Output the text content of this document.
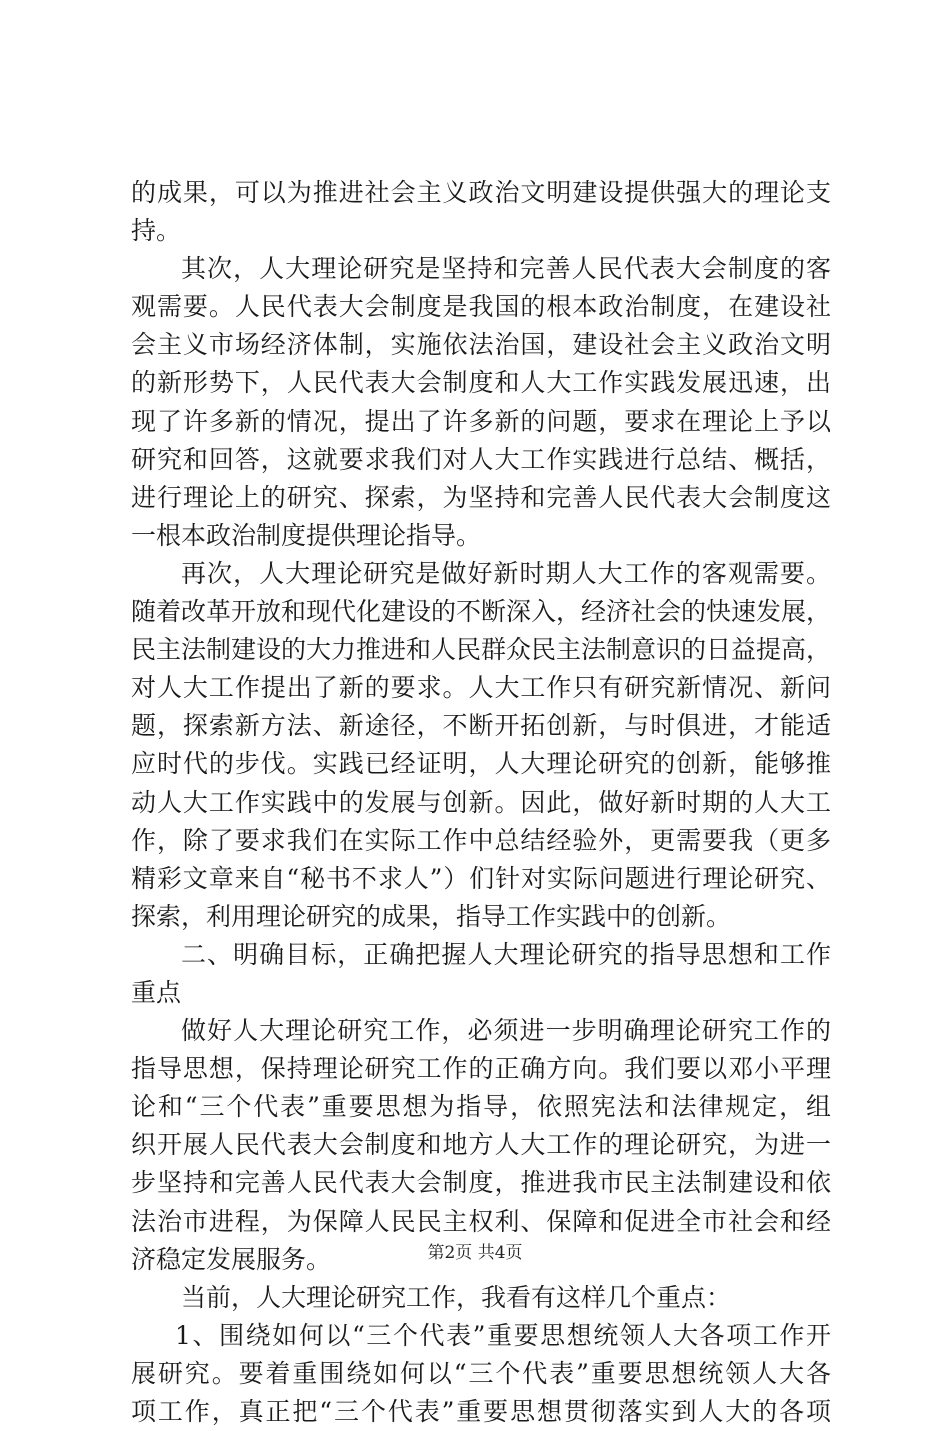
的成果，可以为推进社会主义政治文明建设提供强大的理论支
持。
其次，人大理论研究是坚持和完善人民代表大会制度的客
观需要。人民代表大会制度是我国的根本政治制度，在建设社
会主义市场经济体制，实施依法治国，建设社会主义政治文明
的新形势下，人民代表大会制度和人大工作实践发展迅速，出
现了许多新的情况，提出了许多新的问题，要求在理论上予以
研究和回答，这就要求我们对人大工作实践进行总结、概括，
进行理论上的研究、探索，为坚持和完善人民代表大会制度这
一根本政治制度提供理论指导。
再次，人大理论研究是做好新时期人大工作的客观需要。
随着改革开放和现代化建设的不断深入，经济社会的快速发展，
民主法制建设的大力推进和人民群众民主法制意识的日益提高，
对人大工作提出了新的要求。人大工作只有研究新情况、新问
题，探索新方法、新途径，不断开拓创新，与时俱进，才能适
应时代的步伐。实践已经证明，人大理论研究的创新，能够推
动人大工作实践中的发展与创新。因此，做好新时期的人大工
作，除了要求我们在实际工作中总结经验外，更需要我（更多
精彩文章来自“秘书不求人”）们针对实际问题进行理论研究、
探索，利用理论研究的成果，指导工作实践中的创新。
二、明确目标，正确把握人大理论研究的指导思想和工作
重点
做好人大理论研究工作，必须进一步明确理论研究工作的
指导思想，保持理论研究工作的正确方向。我们要以邓小平理
论和“三个代表”重要思想为指导，依照宪法和法律规定，组
织开展人民代表大会制度和地方人大工作的理论研究，为进一
步坚持和完善人民代表大会制度，推进我市民主法制建设和依
法治市进程，为保障人民民主权利、保障和促进全市社会和经
济稳定发展服务。
当前，人大理论研究工作，我看有这样几个重点：
1、围绕如何以“三个代表”重要思想统领人大各项工作开
展研究。要着重围绕如何以“三个代表”重要思想统领人大各
项工作，真正把“三个代表”重要思想贯彻落实到人大的各项
第2页 共4页
